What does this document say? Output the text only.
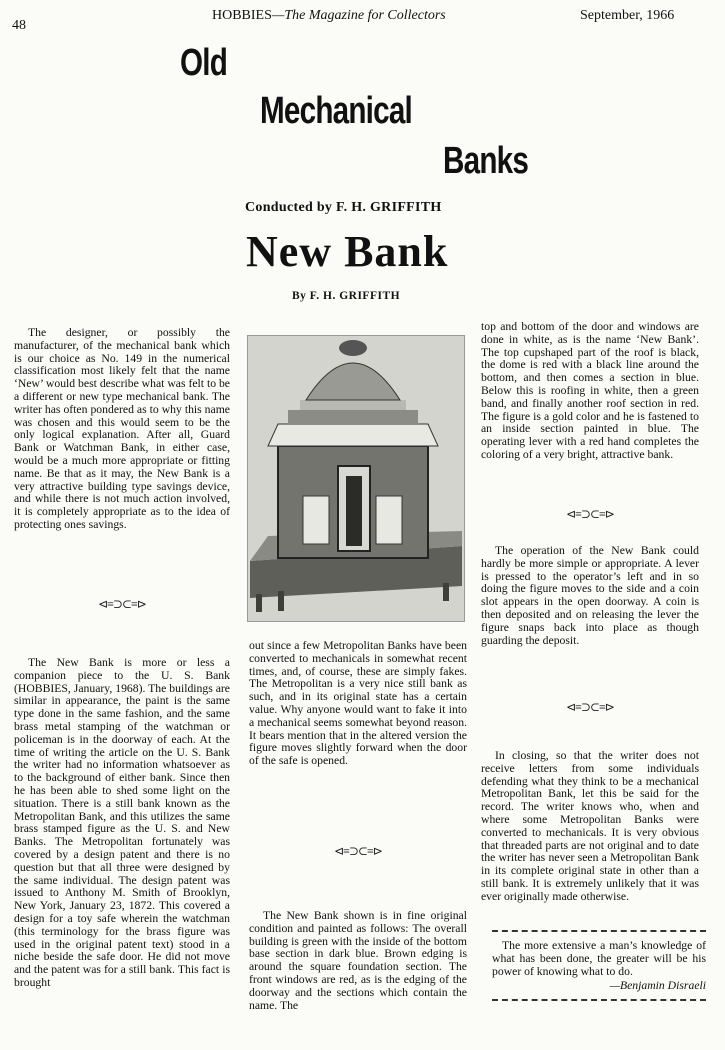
48
HOBBIES—The Magazine for Collectors	September, 1966
Old
Mechanical
Banks
Conducted by F. H. GRIFFITH
New Bank
By F. H. GRIFFITH

The designer, or possibly the manufacturer, of the mechanical bank which is our choice as No. 149 in the numerical classification most likely felt that the name ‘New’ would best describe what was felt to be a different or new type mechanical bank. The writer has often pondered as to why this name was chosen and this would seem to be the only logical explanation. After all, Guard Bank or Watchman Bank, in either case, would be a much more appropriate or fitting name. Be that as it may, the New Bank is a very attractive building type savings device, and while there is not much action involved, it is completely appropriate as to the idea of protecting ones savings.

⊲≡⊃⊂≡⊳

The New Bank is more or less a companion piece to the U. S. Bank (HOBBIES, January, 1968). The buildings are similar in appearance, the paint is the same type done in the same fashion, and the same brass metal stamping of the watchman or policeman is in the doorway of each. At the time of writing the article on the U. S. Bank the writer had no information whatsoever as to the background of either bank. Since then he has been able to shed some light on the situation. There is a still bank known as the Metropolitan Bank, and this utilizes the same brass stamped figure as the U. S. and New Banks. The Metropolitan fortunately was covered by a design patent and there is no question but that all three were designed by the same individual. The design patent was issued to Anthony M. Smith of Brooklyn, New York, January 23, 1872. This covered a design for a toy safe wherein the watchman (this terminology for the brass figure was used in the original patent text) stood in a niche beside the safe door. He did not move and the patent was for a still bank. This fact is brought

out since a few Metropolitan Banks have been converted to mechanicals in somewhat recent times, and, of course, these are simply fakes. The Metropolitan is a very nice still bank as such, and in its original state has a certain value. Why anyone would want to fake it into a mechanical seems somewhat beyond reason. It bears mention that in the altered version the figure moves slightly forward when the door of the safe is opened.

⊲≡⊃⊂≡⊳

The New Bank shown is in fine original condition and painted as follows: The overall building is green with the inside of the bottom base section in dark blue. Brown edging is around the square foundation section. The front windows are red, as is the edging of the doorway and the sections which contain the name. The

top and bottom of the door and windows are done in white, as is the name ‘New Bank’. The top cupshaped part of the roof is black, the dome is red with a black line around the bottom, and then comes a section in blue. Below this is roofing in white, then a green band, and finally another roof section in red. The figure is a gold color and he is fastened to an inside section painted in blue. The operating lever with a red hand completes the coloring of a very bright, attractive bank.

⊲≡⊃⊂≡⊳

The operation of the New Bank could hardly be more simple or appropriate. A lever is pressed to the operator’s left and in so doing the figure moves to the side and a coin slot appears in the open doorway. A coin is then deposited and on releasing the lever the figure snaps back into place as though guarding the deposit.

⊲≡⊃⊂≡⊳

In closing, so that the writer does not receive letters from some individuals defending what they think to be a mechanical Metropolitan Bank, let this be said for the record. The writer knows who, when and where some Metropolitan Banks were converted to mechanicals. It is very obvious that threaded parts are not original and to date the writer has never seen a Metropolitan Bank in its complete original state in other than a still bank. It is extremely unlikely that it was ever originally made otherwise.

The more extensive a man’s knowledge of what has been done, the greater will be his power of knowing what to do.
—Benjamin Disraeli
